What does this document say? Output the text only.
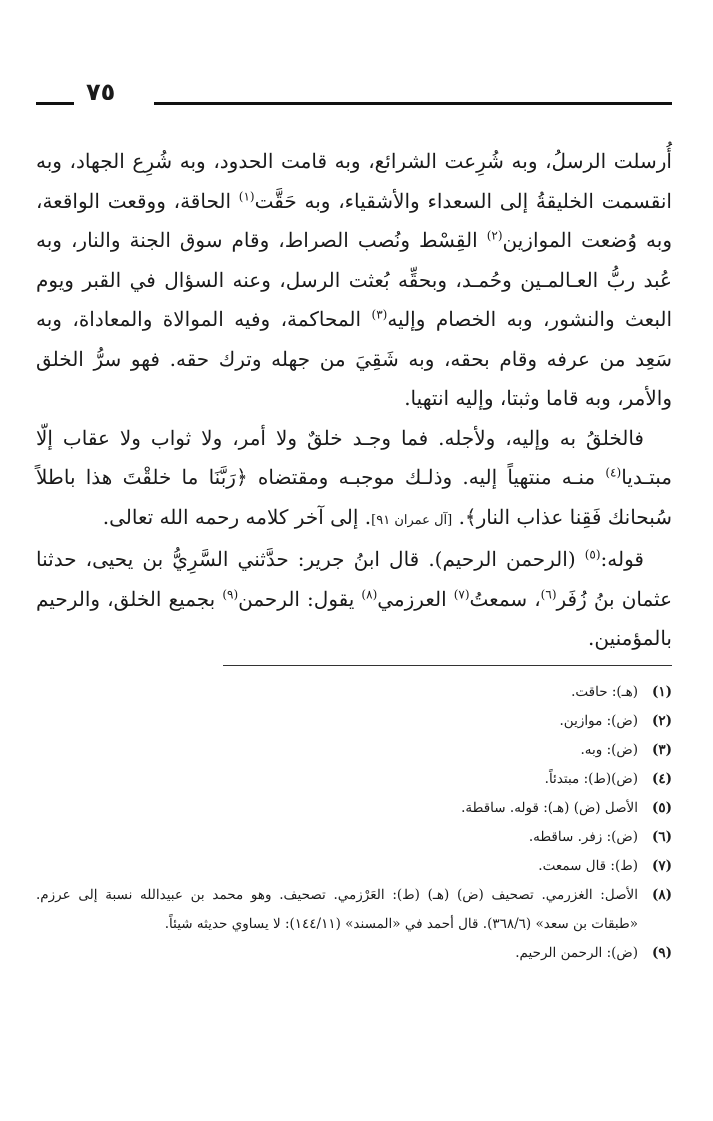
٧٥

أُرسلت الرسلُ، وبه شُرِعت الشرائع، وبه قامت الحدود، وبه شُرِع الجهاد، وبه انقسمت الخليقةُ إلى السعداء والأشقياء، وبه حَقَّت$^{(١)}$ الحاقة، ووقعت الواقعة، وبه وُضعت الموازين$^{(٢)}$ القِسْط ونُصب الصراط، وقام سوق الجنة والنار، وبه عُبد ربُّ العـالمـين وحُمـد، وبحقِّه بُعثت الرسل، وعنه السؤال في القبر ويوم البعث والنشور، وبه الخصام وإليه$^{(٣)}$ المحاكمة، وفيه الموالاة والمعاداة، وبه سَعِد من عرفه وقام بحقه، وبه شَقِيَ من جهله وترك حقه. فهو سرُّ الخلق والأمر، وبه قاما وثبتا، وإليه انتهيا.

فالخلقُ به وإليه، ولأجله. فما وجـد خلقٌ ولا أمر، ولا ثواب ولا عقاب إلّا مبتـديا$^{(٤)}$ منـه منتهياً إليه. وذلـك موجبـه ومقتضاه ﴿رَبَّنَا ما خلقْتَ هذا باطلاً سُبحانك فَقِنا عذاب النار﴾. [آل عمران ٩١]. إلى آخر كلامه رحمه الله تعالى.

قوله:$^{(٥)}$ (الرحمن الرحيم). قال ابنُ جرير: حدَّثني السَّرِيُّ بن يحيى، حدثنا عثمان بنُ زُفَر$^{(٦)}$، سمعتُ$^{(٧)}$ العرزمي$^{(٨)}$ يقول: الرحمن$^{(٩)}$ بجميع الخلق، والرحيم بالمؤمنين.

(١)
(هـ): حاقت.
(٢)
(ض): موازين.
(٣)
(ض): وبه.
(٤)
(ض)(ط): مبتدئاً.
(٥)
الأصل (ض) (هـ): قوله. ساقطة.
(٦)
(ض): زفر. ساقطه.
(٧)
(ط): قال سمعت.
(٨)
الأصل: الغزرمي. تصحيف (ض) (هـ) (ط): العَرْزمي. تصحيف. وهو محمد بن عبيدالله نسبة إلى عرزم. «طبقات بن سعد» (٣٦٨/٦). قال أحمد في «المسند» (١٤٤/١١): لا يساوي حديثه شيئاً.
(٩)
(ض): الرحمن الرحيم.
